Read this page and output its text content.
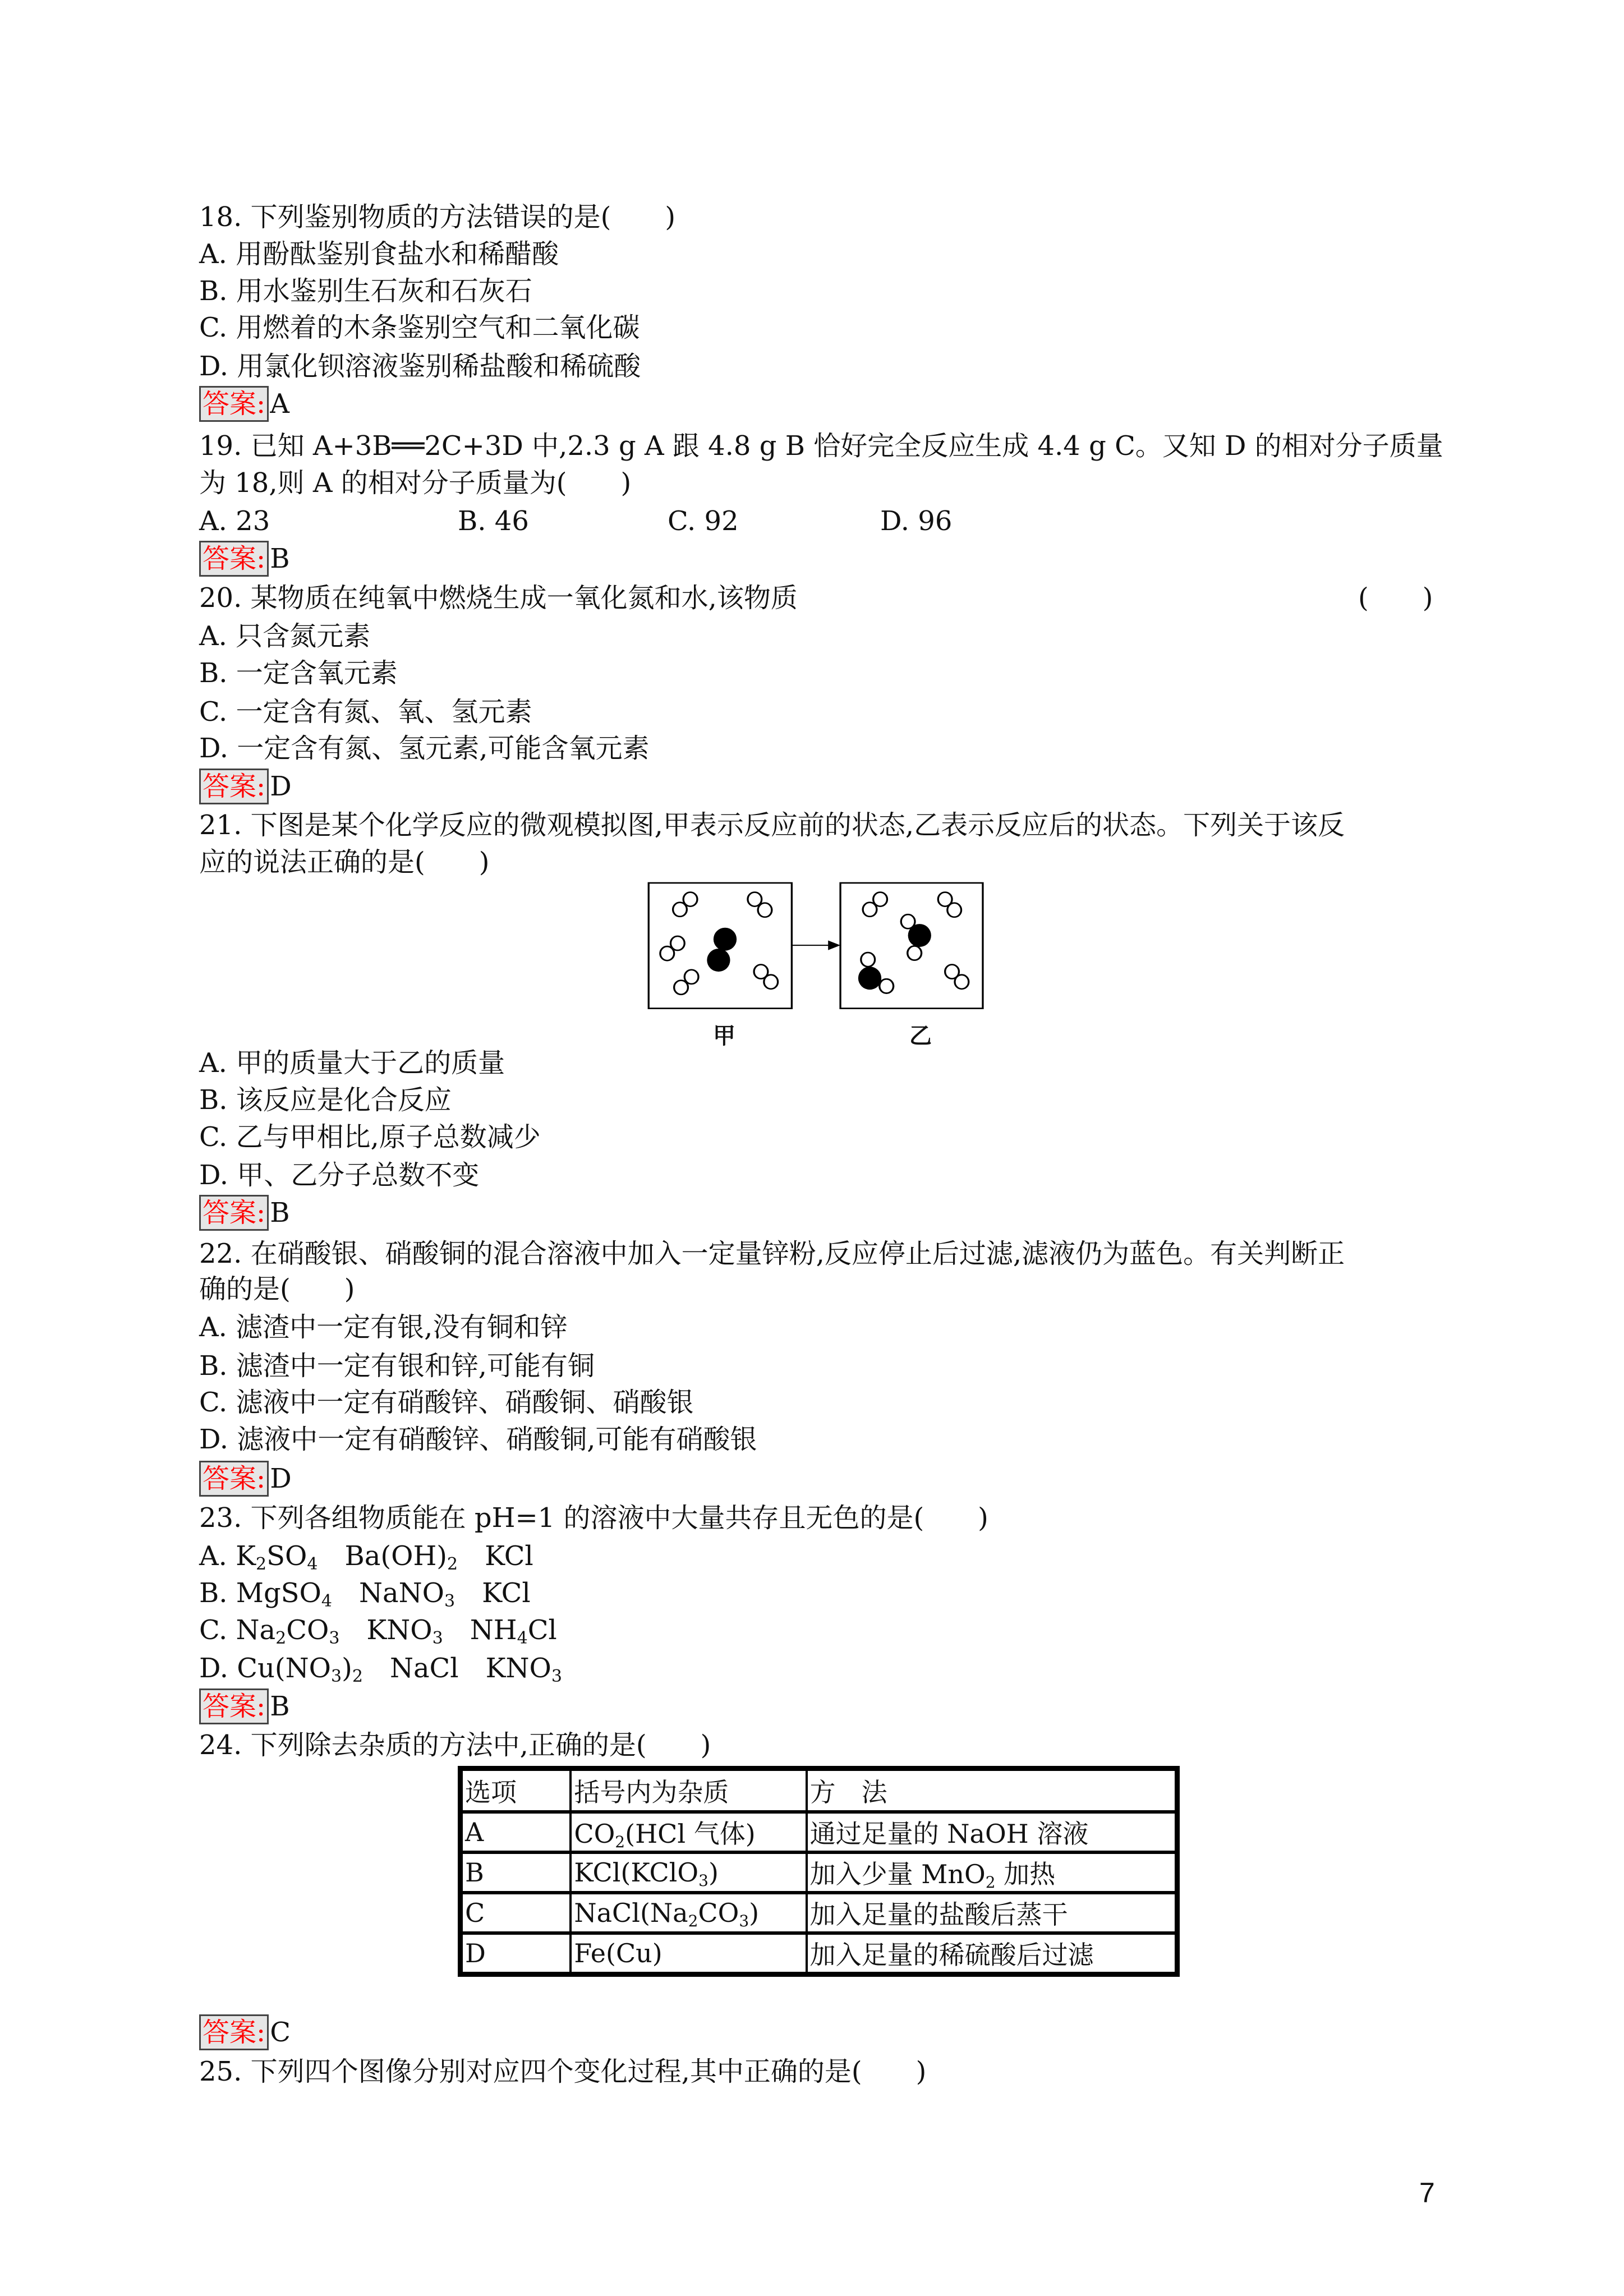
7
18. 下列鉴别物质的方法错误的是(　　)
A. 用酚酞鉴别食盐水和稀醋酸
B. 用水鉴别生石灰和石灰石
C. 用燃着的木条鉴别空气和二氧化碳
D. 用氯化钡溶液鉴别稀盐酸和稀硫酸
答案: A
19. 已知 A+3B══2C+3D 中,2.3 g A 跟 4.8 g B 恰好完全反应生成 4.4 g C。又知 D 的相对分子质量
为 18,则 A 的相对分子质量为(　　)
A. 23	B. 46	C. 92	D. 96
答案: B
20. 某物质在纯氧中燃烧生成一氧化氮和水,该物质	(　　)
A. 只含氮元素
B. 一定含氧元素
C. 一定含有氮、氧、氢元素
D. 一定含有氮、氢元素,可能含氧元素
答案: D
21. 下图是某个化学反应的微观模拟图,甲表示反应前的状态,乙表示反应后的状态。下列关于该反
应的说法正确的是(　　)
甲	乙
A. 甲的质量大于乙的质量
B. 该反应是化合反应
C. 乙与甲相比,原子总数减少
D. 甲、乙分子总数不变
答案: B
22. 在硝酸银、硝酸铜的混合溶液中加入一定量锌粉,反应停止后过滤,滤液仍为蓝色。有关判断正
确的是(　　)
A. 滤渣中一定有银,没有铜和锌
B. 滤渣中一定有银和锌,可能有铜
C. 滤液中一定有硝酸锌、硝酸铜、硝酸银
D. 滤液中一定有硝酸锌、硝酸铜,可能有硝酸银
答案: D
23. 下列各组物质能在 pH=1 的溶液中大量共存且无色的是(　　)
A. $K_2SO_4$　$Ba(OH)_2$　KCl
B. MgSO$_4$　NaNO$_3$　KCl
C. $Na_2CO_3$　$KNO_3$　$NH_4Cl$
D. $Cu(NO_3)_2$　NaCl　$KNO_3$
答案: B
24. 下列除去杂质的方法中,正确的是(　　)
选项	括号内为杂质	方　法
A	$CO_2(HCl$ 气体)	通过足量的 NaOH 溶液
B	KCl(KClO$_3$)	加入少量 MnO$_2$ 加热
C	$NaCl(Na_2CO_3)$	加入足量的盐酸后蒸干
D	Fe(Cu)	加入足量的稀硫酸后过滤
答案: C
25. 下列四个图像分别对应四个变化过程,其中正确的是(　　)
